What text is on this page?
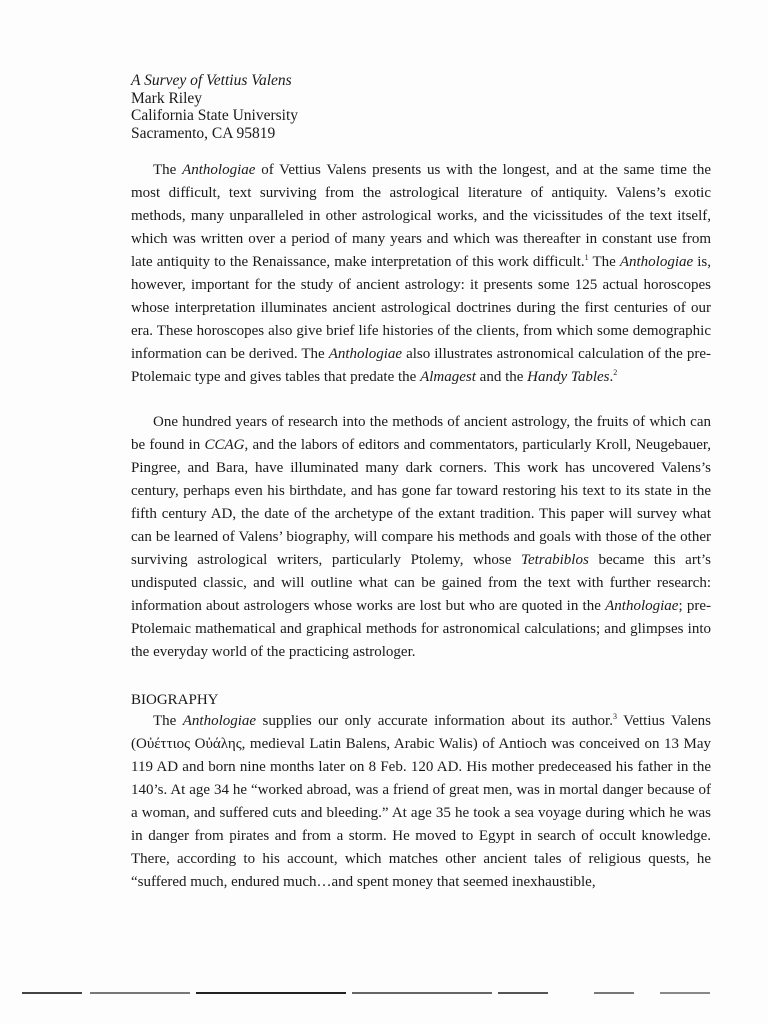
A Survey of Vettius Valens
Mark Riley
California State University
Sacramento, CA 95819

The Anthologiae of Vettius Valens presents us with the longest, and at the same time the most difficult, text surviving from the astrological literature of antiquity. Valens’s exotic methods, many unparalleled in other astrological works, and the vicissitudes of the text itself, which was written over a period of many years and which was thereafter in constant use from late antiquity to the Renaissance, make interpretation of this work difficult.$^1$ The Anthologiae is, however, important for the study of ancient astrology: it presents some 125 actual horoscopes whose interpretation illuminates ancient astrological doctrines during the first centuries of our era. These horoscopes also give brief life histories of the clients, from which some demographic information can be derived. The Anthologiae also illustrates astronomical calculation of the pre-Ptolemaic type and gives tables that predate the Almagest and the Handy Tables.$^2$

One hundred years of research into the methods of ancient astrology, the fruits of which can be found in CCAG, and the labors of editors and commentators, particularly Kroll, Neugebauer, Pingree, and Bara, have illuminated many dark corners. This work has uncovered Valens’s century, perhaps even his birthdate, and has gone far toward restoring his text to its state in the fifth century AD, the date of the archetype of the extant tradition. This paper will survey what can be learned of Valens’ biography, will compare his methods and goals with those of the other surviving astrological writers, particularly Ptolemy, whose Tetrabiblos became this art’s undisputed classic, and will outline what can be gained from the text with further research: information about astrologers whose works are lost but who are quoted in the Anthologiae; pre-Ptolemaic mathematical and graphical methods for astronomical calculations; and glimpses into the everyday world of the practicing astrologer.

BIOGRAPHY

The Anthologiae supplies our only accurate information about its author.$^3$ Vettius Valens (Οὐέττιος Οὐάλης, medieval Latin Balens, Arabic Walis) of Antioch was conceived on 13 May 119 AD and born nine months later on 8 Feb. 120 AD. His mother predeceased his father in the 140’s. At age 34 he “worked abroad, was a friend of great men, was in mortal danger because of a woman, and suffered cuts and bleeding.” At age 35 he took a sea voyage during which he was in danger from pirates and from a storm. He moved to Egypt in search of occult knowledge. There, according to his account, which matches other ancient tales of religious quests, he “suffered much, endured much…and spent money that seemed inexhaustible,
